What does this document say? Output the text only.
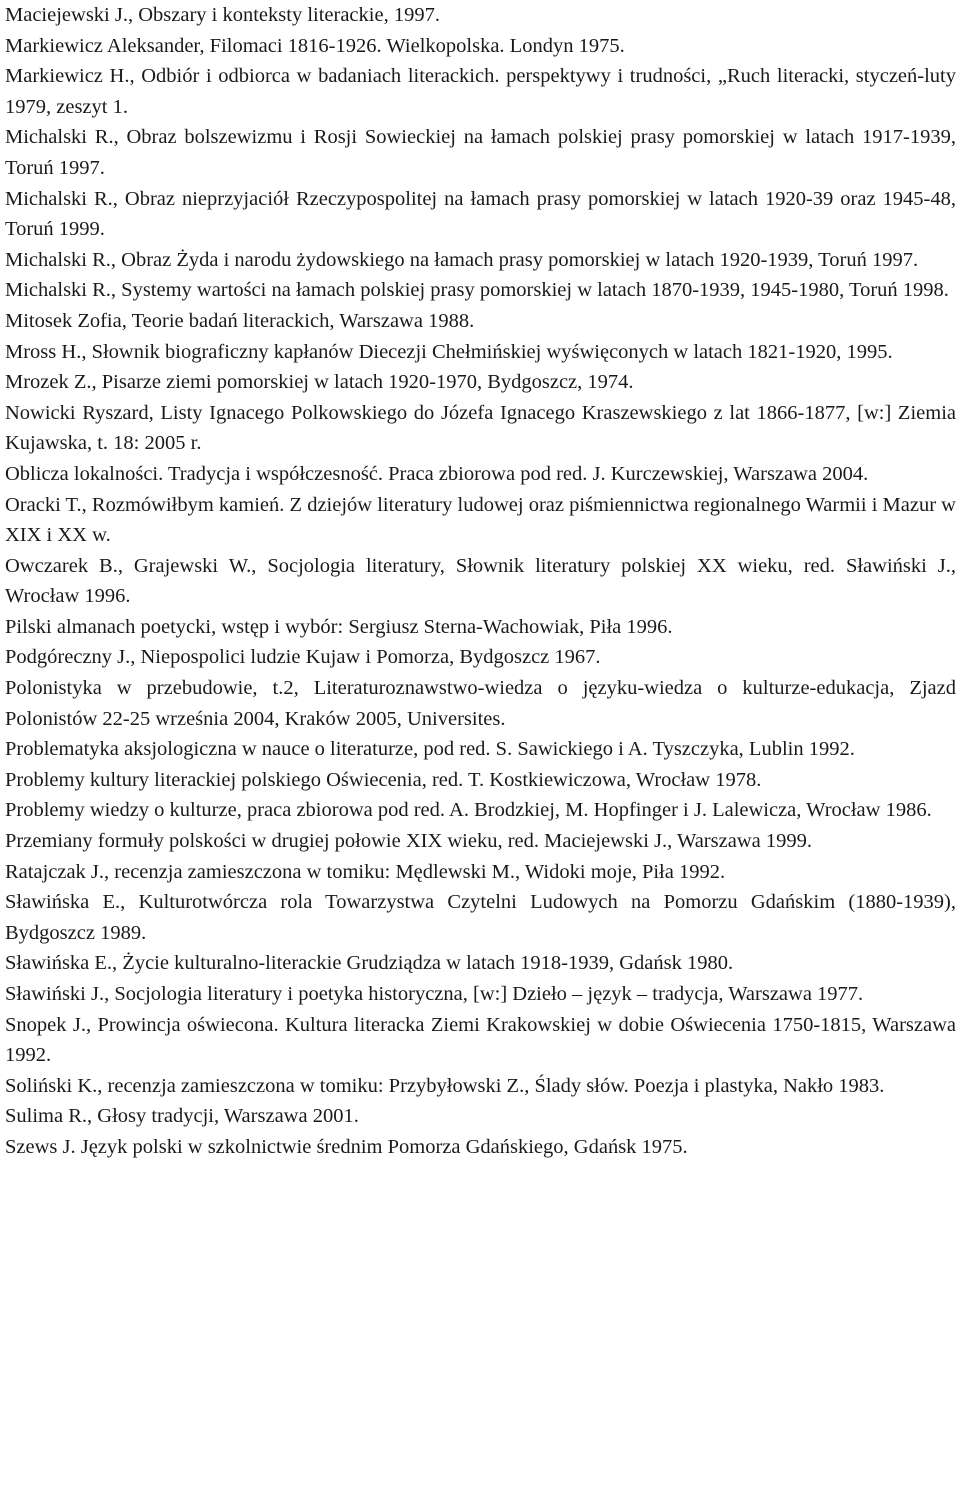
Maciejewski J., Obszary i konteksty literackie, 1997.

Markiewicz Aleksander, Filomaci 1816-1926. Wielkopolska. Londyn 1975.

Markiewicz H., Odbiór i odbiorca w badaniach literackich. perspektywy i trudności, „Ruch literacki, styczeń-luty 1979, zeszyt 1.

Michalski R., Obraz bolszewizmu i Rosji Sowieckiej na łamach polskiej prasy pomorskiej w latach 1917-1939, Toruń 1997.

Michalski R., Obraz nieprzyjaciół Rzeczypospolitej na łamach prasy pomorskiej w latach 1920-39 oraz 1945-48, Toruń 1999.

Michalski R., Obraz Żyda i narodu żydowskiego na łamach prasy pomorskiej w latach 1920-1939, Toruń 1997.

Michalski R., Systemy wartości na łamach polskiej prasy pomorskiej w latach 1870-1939, 1945-1980, Toruń 1998.

Mitosek Zofia, Teorie badań literackich, Warszawa 1988.

Mross H., Słownik biograficzny kapłanów Diecezji Chełmińskiej wyświęconych w latach 1821-1920, 1995.

Mrozek Z., Pisarze ziemi pomorskiej w latach 1920-1970, Bydgoszcz, 1974.

Nowicki Ryszard, Listy Ignacego Polkowskiego do Józefa Ignacego Kraszewskiego z lat 1866-1877, [w:] Ziemia Kujawska, t. 18: 2005 r.

Oblicza lokalności. Tradycja i współczesność. Praca zbiorowa pod red. J. Kurczewskiej, Warszawa 2004.

Oracki T., Rozmówiłbym kamień. Z dziejów literatury ludowej oraz piśmiennictwa regionalnego Warmii i Mazur w XIX i XX w.

Owczarek B., Grajewski W., Socjologia literatury, Słownik literatury polskiej XX wieku, red. Sławiński J., Wrocław 1996.

Pilski almanach poetycki, wstęp i wybór: Sergiusz Sterna-Wachowiak, Piła 1996.

Podgóreczny J., Niepospolici ludzie Kujaw i Pomorza, Bydgoszcz 1967.

Polonistyka w przebudowie, t.2, Literaturoznawstwo-wiedza o języku-wiedza o kulturze-edukacja, Zjazd Polonistów 22-25 września 2004, Kraków 2005, Universites.

Problematyka aksjologiczna w nauce o literaturze, pod red. S. Sawickiego i A. Tyszczyka, Lublin 1992.

Problemy kultury literackiej polskiego Oświecenia, red. T. Kostkiewiczowa, Wrocław 1978.

Problemy wiedzy o kulturze, praca zbiorowa pod red. A. Brodzkiej, M. Hopfinger i J. Lalewicza, Wrocław 1986.

Przemiany formuły polskości w drugiej połowie XIX wieku, red. Maciejewski J., Warszawa 1999.

Ratajczak J., recenzja zamieszczona w tomiku: Mędlewski M., Widoki moje, Piła 1992.

Sławińska E., Kulturotwórcza rola Towarzystwa Czytelni Ludowych na Pomorzu Gdańskim (1880-1939), Bydgoszcz 1989.

Sławińska E., Życie kulturalno-literackie Grudziądza w latach 1918-1939, Gdańsk 1980.

Sławiński J., Socjologia literatury i poetyka historyczna, [w:] Dzieło – język – tradycja, Warszawa 1977.

Snopek J., Prowincja oświecona. Kultura literacka Ziemi Krakowskiej w dobie Oświecenia 1750-1815, Warszawa 1992.

Soliński K., recenzja zamieszczona w tomiku: Przybyłowski Z., Ślady słów. Poezja i plastyka, Nakło 1983.

Sulima R., Głosy tradycji, Warszawa 2001.

Szews J. Język polski w szkolnictwie średnim Pomorza Gdańskiego, Gdańsk 1975.
